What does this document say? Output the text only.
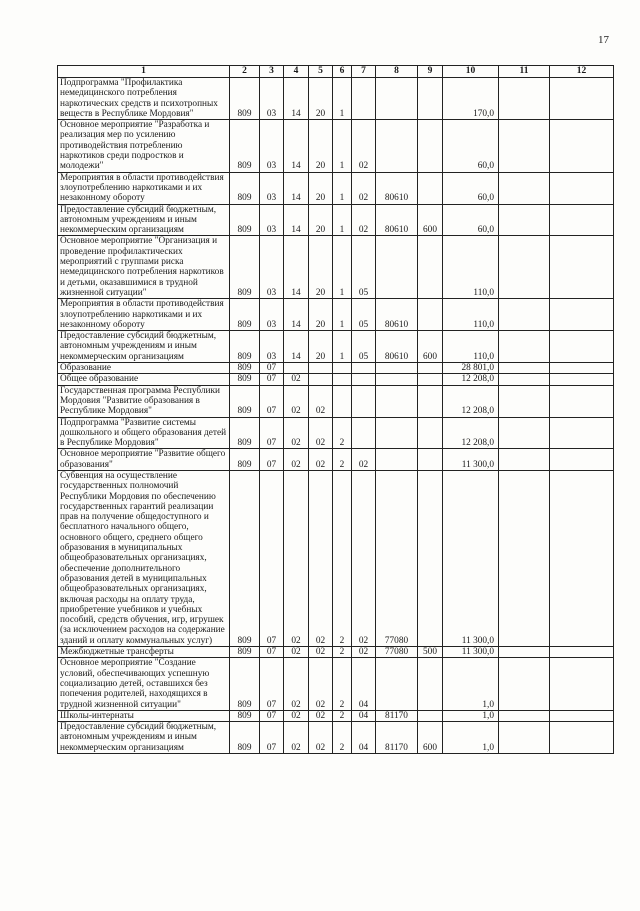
17
1	2	3	4	5	6	7	8	9	10	11	12
Подпрограмма "Профилактика немедицинского потребления наркотических средств и психотропных веществ в Республике Мордовия"	809	03	14	20	1				170,0		
Основное мероприятие "Разработка и реализация мер по усилению противодействия потреблению наркотиков среди подростков и молодежи"	809	03	14	20	1	02			60,0		
Мероприятия в области противодействия злоупотреблению наркотиками и их незаконному обороту	809	03	14	20	1	02	80610		60,0		
Предоставление субсидий бюджетным, автономным учреждениям и иным некоммерческим организациям	809	03	14	20	1	02	80610	600	60,0		
Основное мероприятие "Организация и проведение профилактических мероприятий с группами риска немедицинского потребления наркотиков и детьми, оказавшимися в трудной жизненной ситуации"	809	03	14	20	1	05			110,0		
Мероприятия в области противодействия злоупотреблению наркотиками и их незаконному обороту	809	03	14	20	1	05	80610		110,0		
Предоставление субсидий бюджетным, автономным учреждениям и иным некоммерческим организациям	809	03	14	20	1	05	80610	600	110,0		
Образование	809	07							28 801,0		
Общее образование	809	07	02						12 208,0		
Государственная программа Республики Мордовия "Развитие образования в Республике Мордовия"	809	07	02	02					12 208,0		
Подпрограмма "Развитие системы дошкольного и общего образования детей в Республике Мордовия"	809	07	02	02	2				12 208,0		
Основное мероприятие "Развитие общего образования"	809	07	02	02	2	02			11 300,0		
Субвенция на осуществление государственных полномочий Республики Мордовия по обеспечению государственных гарантий реализации прав на получение общедоступного и бесплатного начального общего, основного общего, среднего общего образования в муниципальных общеобразовательных организациях, обеспечение дополнительного образования детей в муниципальных общеобразовательных организациях, включая расходы на оплату труда, приобретение учебников и учебных пособий, средств обучения, игр, игрушек (за исключением расходов на содержание зданий и оплату коммунальных услуг)	809	07	02	02	2	02	77080		11 300,0		
Межбюджетные трансферты	809	07	02	02	2	02	77080	500	11 300,0		
Основное мероприятие "Создание условий, обеспечивающих успешную социализацию детей, оставшихся без попечения родителей, находящихся в трудной жизненной ситуации"	809	07	02	02	2	04			1,0		
Школы-интернаты	809	07	02	02	2	04	81170		1,0		
Предоставление субсидий бюджетным, автономным учреждениям и иным некоммерческим организациям	809	07	02	02	2	04	81170	600	1,0		
